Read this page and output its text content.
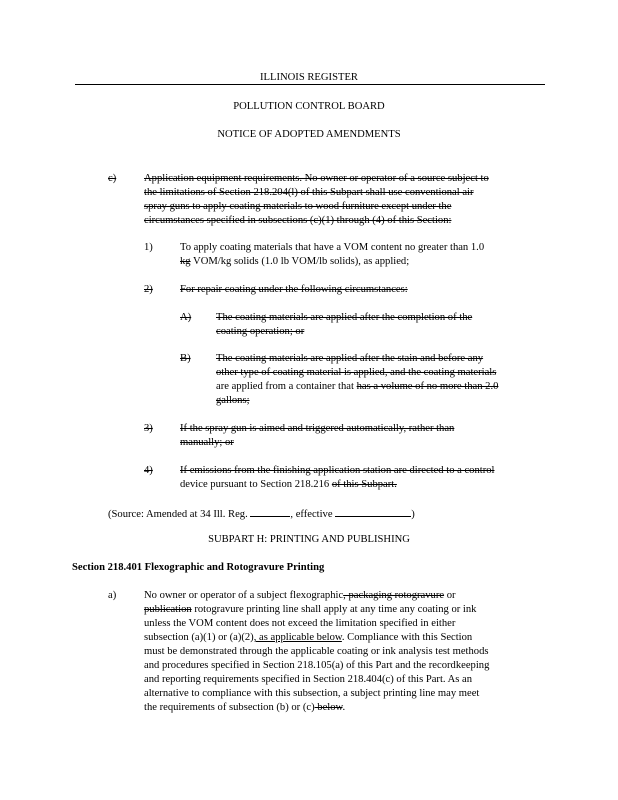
ILLINOIS REGISTER
POLLUTION CONTROL BOARD
NOTICE OF ADOPTED AMENDMENTS
c)	Application equipment requirements. No owner or operator of a source subject to
the limitations of Section 218.204(l) of this Subpart shall use conventional air
spray guns to apply coating materials to wood furniture except under the
circumstances specified in subsections (c)(1) through (4) of this Section:
1)	To apply coating materials that have a VOM content no greater than 1.0
kg VOM/kg solids (1.0 lb VOM/lb solids), as applied;
2)	For repair coating under the following circumstances:
A) The coating materials are applied after the completion of the
coating operation; or
B) The coating materials are applied after the stain and before any
other type of coating material is applied, and the coating materials
are applied from a container that has a volume of no more than 2.0
gallons;
3)	If the spray gun is aimed and triggered automatically, rather than
manually; or
4)	If emissions from the finishing application station are directed to a control
device pursuant to Section 218.216 of this Subpart.
(Source: Amended at 34 Ill. Reg.	, effective	)
SUBPART H: PRINTING AND PUBLISHING
Section 218.401 Flexographic and Rotogravure Printing
a)	No owner or operator of a subject flexographic, packaging rotogravure or
publication rotogravure printing line shall apply at any time any coating or ink
unless the VOM content does not exceed the limitation specified in either
subsection (a)(1) or (a)(2), as applicable below. Compliance with this Section
must be demonstrated through the applicable coating or ink analysis test methods
and procedures specified in Section 218.105(a) of this Part and the recordkeeping
and reporting requirements specified in Section 218.404(c) of this Part. As an
alternative to compliance with this subsection, a subject printing line may meet
the requirements of subsection (b) or (c) below.
